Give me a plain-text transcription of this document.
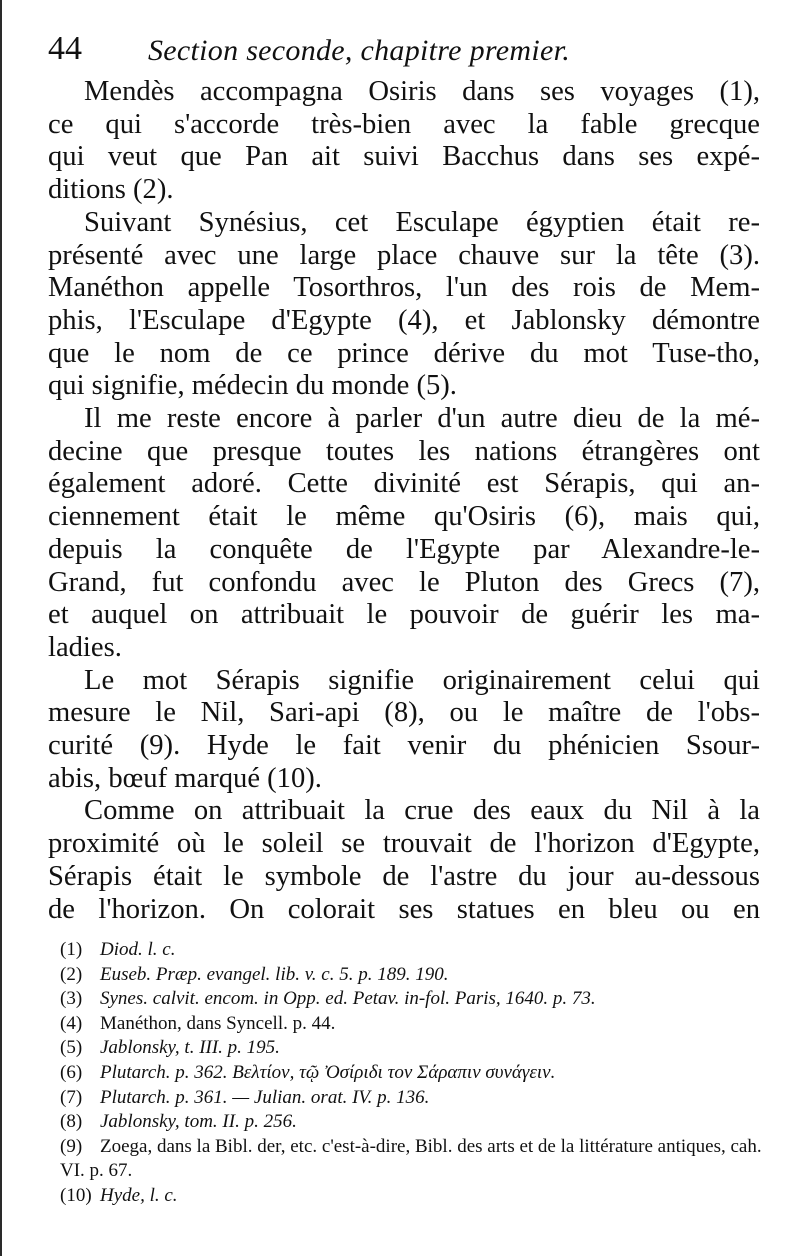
44 Section seconde, chapitre premier.

Mendès accompagna Osiris dans ses voyages (1),
ce qui s'accorde très-bien avec la fable grecque
qui veut que Pan ait suivi Bacchus dans ses expé-

ditions (2).

Suivant Synésius, cet Esculape égyptien était re-
présenté avec une large place chauve sur la tête (3).
Manéthon appelle Tosorthros, l'un des rois de Mem-
phis, l'Esculape d'Egypte (4), et Jablonsky démontre
que le nom de ce prince dérive du mot Tuse-tho,

qui signifie, médecin du monde (5).

Il me reste encore à parler d'un autre dieu de la mé-
decine que presque toutes les nations étrangères ont
également adoré. Cette divinité est Sérapis, qui an-
ciennement était le même qu'Osiris (6), mais qui,
depuis la conquête de l'Egypte par Alexandre-le-
Grand, fut confondu avec le Pluton des Grecs (7),
et auquel on attribuait le pouvoir de guérir les ma-

ladies.

Le mot Sérapis signifie originairement celui qui
mesure le Nil, Sari-api (8), ou le maître de l'obs-
curité (9). Hyde le fait venir du phénicien Ssour-

abis, bœuf marqué (10).

Comme on attribuait la crue des eaux du Nil à la
proximité où le soleil se trouvait de l'horizon d'Egypte,
Sérapis était le symbole de l'astre du jour au-dessous
de l'horizon. On colorait ses statues en bleu ou en

(1) Diod. l. c.
(2) Euseb. Præp. evangel. lib. v. c. 5. p. 189. 190.
(3) Synes. calvit. encom. in Opp. ed. Petav. in-fol. Paris, 1640. p. 73.
(4) Manéthon, dans Syncell. p. 44.
(5) Jablonsky, t. III. p. 195.
(6) Plutarch. p. 362. Βελτίον, τῷ Ὀσίριδι τον Σάραπιν συνάγειν.
(7) Plutarch. p. 361. — Julian. orat. IV. p. 136.
(8) Jablonsky, tom. II. p. 256.
(9) Zoega, dans la Bibl. der, etc. c'est-à-dire, Bibl. des arts et de la littérature antiques, cah. VI. p. 67.
(10) Hyde, l. c.
